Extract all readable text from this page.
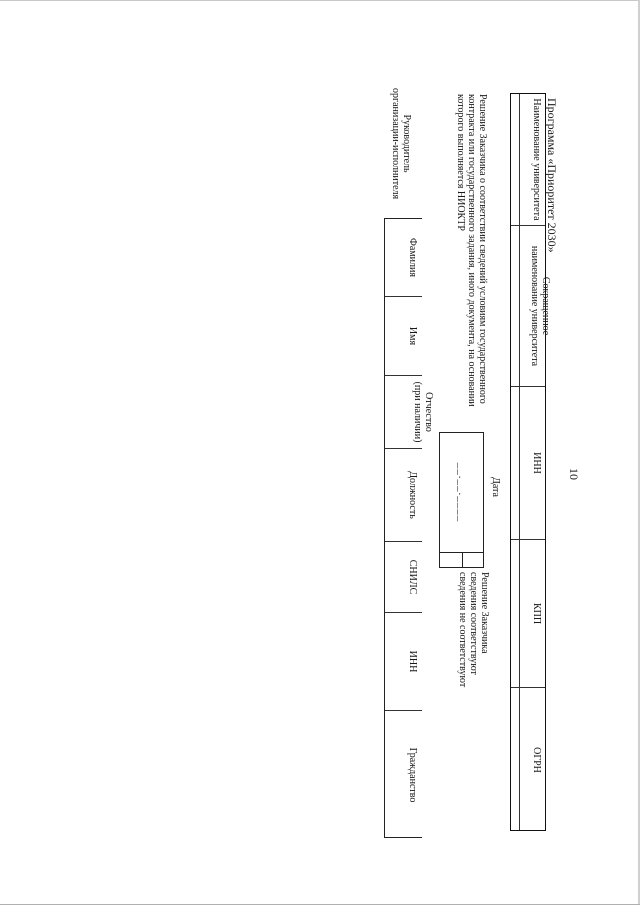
10
Программа «Приоритет 2030»
Наименование университета
Сокращенное
наименование университета
ИНН
КПП
ОГРН
Решение Заказчика о соответствии сведений условиям государственного
контракта или государственного задания, иного документа, на основании
которого выполняется НИОКТР
Дата
__.__.____
Решение Заказчика
сведения соответствуют
сведения не соответствуют
Руководитель
организации-исполнителя
Фамилия
Имя
Отчество
(при наличии)
Должность
СНИЛС
ИНН
Гражданство
